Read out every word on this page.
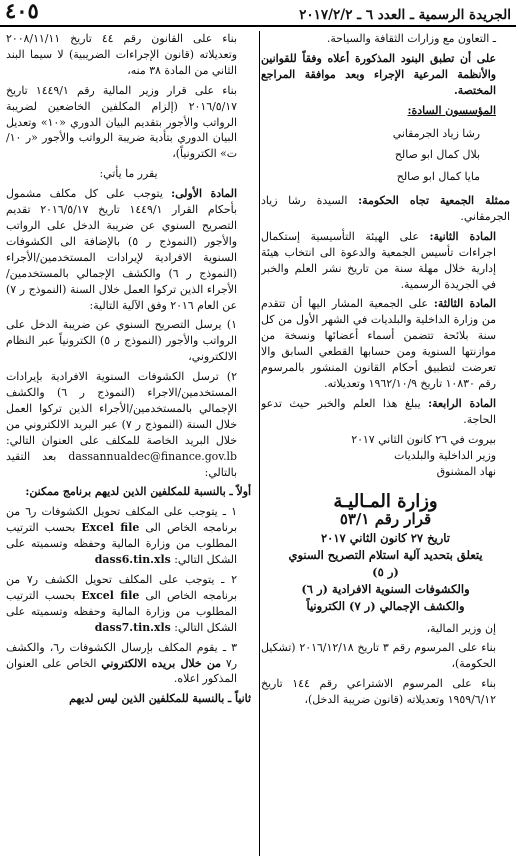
الجريدة الرسمية ـ العدد ٦ ـ ٢٠١٧/٢/٢
٤٠٥

ـ التعاون مع وزارات الثقافة والسياحة.

على أن تطبق البنود المذكورة أعلاه وفقاً للقوانين والأنظمة المرعية الإجراء وبعد موافقة المراجع المختصة.

المؤسسون السادة:

رشا زياد الجرمقاني

بلال كمال ابو صالح

مايا كمال ابو صالح

ممثلة الجمعية تجاه الحكومة: السيدة رشا زياد الجرمقاني.

المادة الثانية: على الهيئة التأسيسية إستكمال اجراءات تأسيس الجمعية والدعوة الى انتخاب هيئة إدارية خلال مهلة سنة من تاريخ نشر العلم والخبر في الجريدة الرسمية.

المادة الثالثة: على الجمعية المشار اليها أن تتقدم من وزارة الداخلية والبلديات في الشهر الأول من كل سنة بلائحة تتضمن أسماء أعضائها ونسخة من موازنتها السنوية ومن حسابها القطعي السابق والا تعرضت لتطبيق أحكام القانون المنشور بالمرسوم رقم ١٠٨٣٠ تاريخ ١٩٦٢/١٠/٩ وتعديلاته.

المادة الرابعة: يبلغ هذا العلم والخبر حيث تدعو الحاجة.

بيروت في ٢٦ كانون الثاني ٢٠١٧

وزير الداخلية والبلديات

نهاد المشنوق

وزارة المـاليـة
قرار رقم ٥٣/١

تاريخ ٢٧ كانون الثاني ٢٠١٧

يتعلق بتحديد آلية استلام التصريح السنوي

(ر ٥)

والكشوفات السنوية الافرادية (ر ٦)

والكشف الإجمالي (ر ٧) الكترونياً

إن وزير المالية،

بناء على المرسوم رقم ٣ تاريخ ٢٠١٦/١٢/١٨ (تشكيل الحكومة)،

بناء على المرسوم الاشتراعي رقم ١٤٤ تاريخ ١٩٥٩/٦/١٢ وتعديلاته (قانون ضريبة الدخل)،

بناء على القانون رقم ٤٤ تاريخ ٢٠٠٨/١١/١١ وتعديلاته (قانون الإجراءات الضريبية) لا سيما البند الثاني من المادة ٣٨ منه،

بناء على قرار وزير المالية رقم ١٤٤٩/١ تاريخ ٢٠١٦/٥/١٧ (إلزام المكلفين الخاضعين لضريبة الرواتب والأجور بتقديم البيان الدوري «١٠» وتعديل البيان الدوري بتأدية ضريبة الرواتب والأجور «ر ١٠/ت» الكترونياً)،

يقرر ما يأتي:

المادة الأولى: يتوجب على كل مكلف مشمول بأحكام القرار ١٤٤٩/١ تاريخ ٢٠١٦/٥/١٧ تقديم التصريح السنوي عن ضريبة الدخل على الرواتب والأجور (النموذج ر ٥) بالإضافة الى الكشوفات السنوية الافرادية لإيرادات المستخدمين/الأجراء (النموذج ر ٦) والكشف الإجمالي بالمستخدمين/الأجراء الذين تركوا العمل خلال السنة (النموذج ر ٧) عن العام ٢٠١٦ وفق الآلية التالية:

١) يرسل التصريح السنوي عن ضريبة الدخل على الرواتب والأجور (النموذج ر ٥) الكترونياً عبر النظام الالكتروني،

٢) ترسل الكشوفات السنوية الافرادية بإيرادات المستخدمين/الاجراء (النموذج ر ٦) والكشف الإجمالي بالمستخدمين/الأجراء الذين تركوا العمل خلال السنة (النموذج ر ٧) عبر البريد الالكتروني من خلال البريد الخاصة للمكلف على العنوان التالي: dassannualdec@finance.gov.lb بعد التقيد بالتالي:

أولاً ـ بالنسبة للمكلفين الذين لديهم برنامج ممكنن:

١ ـ يتوجب على المكلف تحويل الكشوفات ر٦ من برنامجه الخاص الى Excel file بحسب الترتيب المطلوب من وزارة المالية وحفظه وتسميته على الشكل التالي: dass6.tin.xls

٢ ـ يتوجب على المكلف تحويل الكشف ر٧ من برنامجه الخاص الى Excel file بحسب الترتيب المطلوب من وزارة المالية وحفظه وتسميته على الشكل التالي: dass7.tin.xls

٣ ـ يقوم المكلف بإرسال الكشوفات ر٦، والكشف ر٧ من خلال بريده الالكتروني الخاص على العنوان المذكور اعلاه.

ثانياً ـ بالنسبة للمكلفين الذين ليس لديهم
